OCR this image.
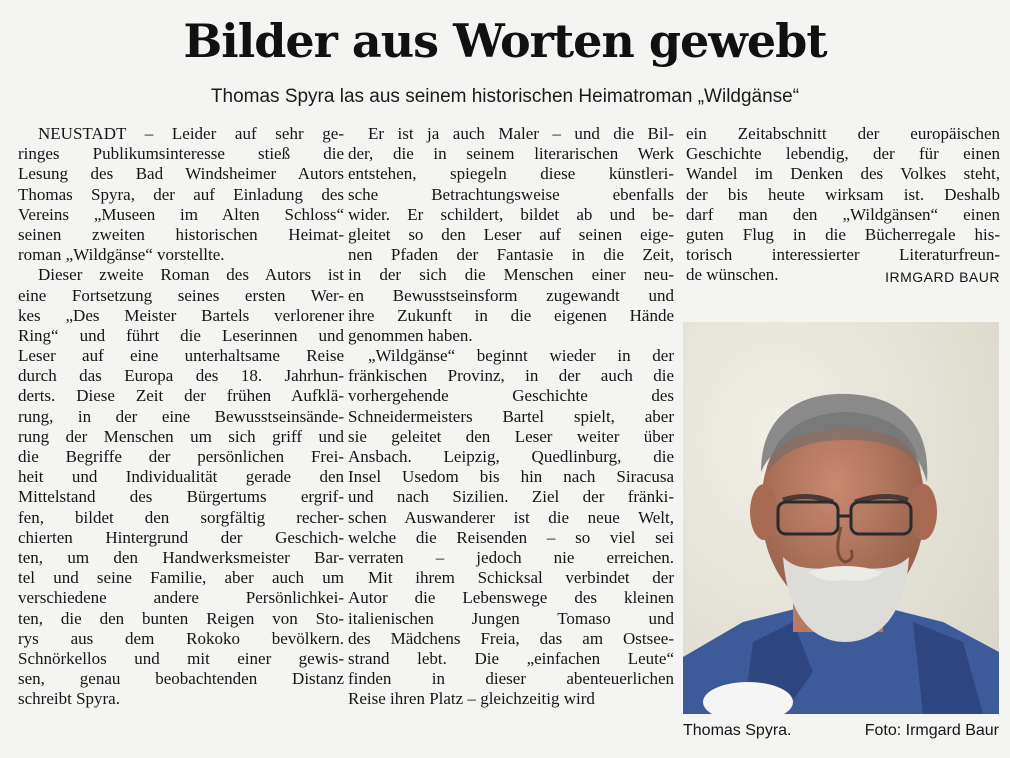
Bilder aus Worten gewebt
Thomas Spyra las aus seinem historischen Heimatroman „Wildgänse“
NEUSTADT – Leider auf sehr ge-
ringes Publikumsinteresse stieß die
Lesung des Bad Windsheimer Autors
Thomas Spyra, der auf Einladung des
Vereins „Museen im Alten Schloss“
seinen zweiten historischen Heimat-
roman „Wildgänse“ vorstellte.
Dieser zweite Roman des Autors ist
eine Fortsetzung seines ersten Wer-
kes „Des Meister Bartels verlorener
Ring“ und führt die Leserinnen und
Leser auf eine unterhaltsame Reise
durch das Europa des 18. Jahrhun-
derts. Diese Zeit der frühen Aufklä-
rung, in der eine Bewusstseinsände-
rung der Menschen um sich griff und
die Begriffe der persönlichen Frei-
heit und Individualität gerade den
Mittelstand des Bürgertums ergrif-
fen, bildet den sorgfältig recher-
chierten Hintergrund der Geschich-
ten, um den Handwerksmeister Bar-
tel und seine Familie, aber auch um
verschiedene andere Persönlichkei-
ten, die den bunten Reigen von Sto-
rys aus dem Rokoko bevölkern.
Schnörkellos und mit einer gewis-
sen, genau beobachtenden Distanz
schreibt Spyra.
Er ist ja auch Maler – und die Bil-
der, die in seinem literarischen Werk
entstehen, spiegeln diese künstleri-
sche Betrachtungsweise ebenfalls
wider. Er schildert, bildet ab und be-
gleitet so den Leser auf seinen eige-
nen Pfaden der Fantasie in die Zeit,
in der sich die Menschen einer neu-
en Bewusstseinsform zugewandt und
ihre Zukunft in die eigenen Hände
genommen haben.
„Wildgänse“ beginnt wieder in der
fränkischen Provinz, in der auch die
vorhergehende Geschichte des
Schneidermeisters Bartel spielt, aber
sie geleitet den Leser weiter über
Ansbach. Leipzig, Quedlinburg, die
Insel Usedom bis hin nach Siracusa
und nach Sizilien. Ziel der fränki-
schen Auswanderer ist die neue Welt,
welche die Reisenden – so viel sei
verraten – jedoch nie erreichen.
Mit ihrem Schicksal verbindet der
Autor die Lebenswege des kleinen
italienischen Jungen Tomaso und
des Mädchens Freia, das am Ostsee-
strand lebt. Die „einfachen Leute“
finden in dieser abenteuerlichen
Reise ihren Platz – gleichzeitig wird
ein Zeitabschnitt der europäischen
Geschichte lebendig, der für einen
Wandel im Denken des Volkes steht,
der bis heute wirksam ist. Deshalb
darf man den „Wildgänsen“ einen
guten Flug in die Bücherregale his-
torisch interessierter Literaturfreun-
de wünschen.	IRMGARD BAUR
Thomas Spyra.	Foto: Irmgard Baur
